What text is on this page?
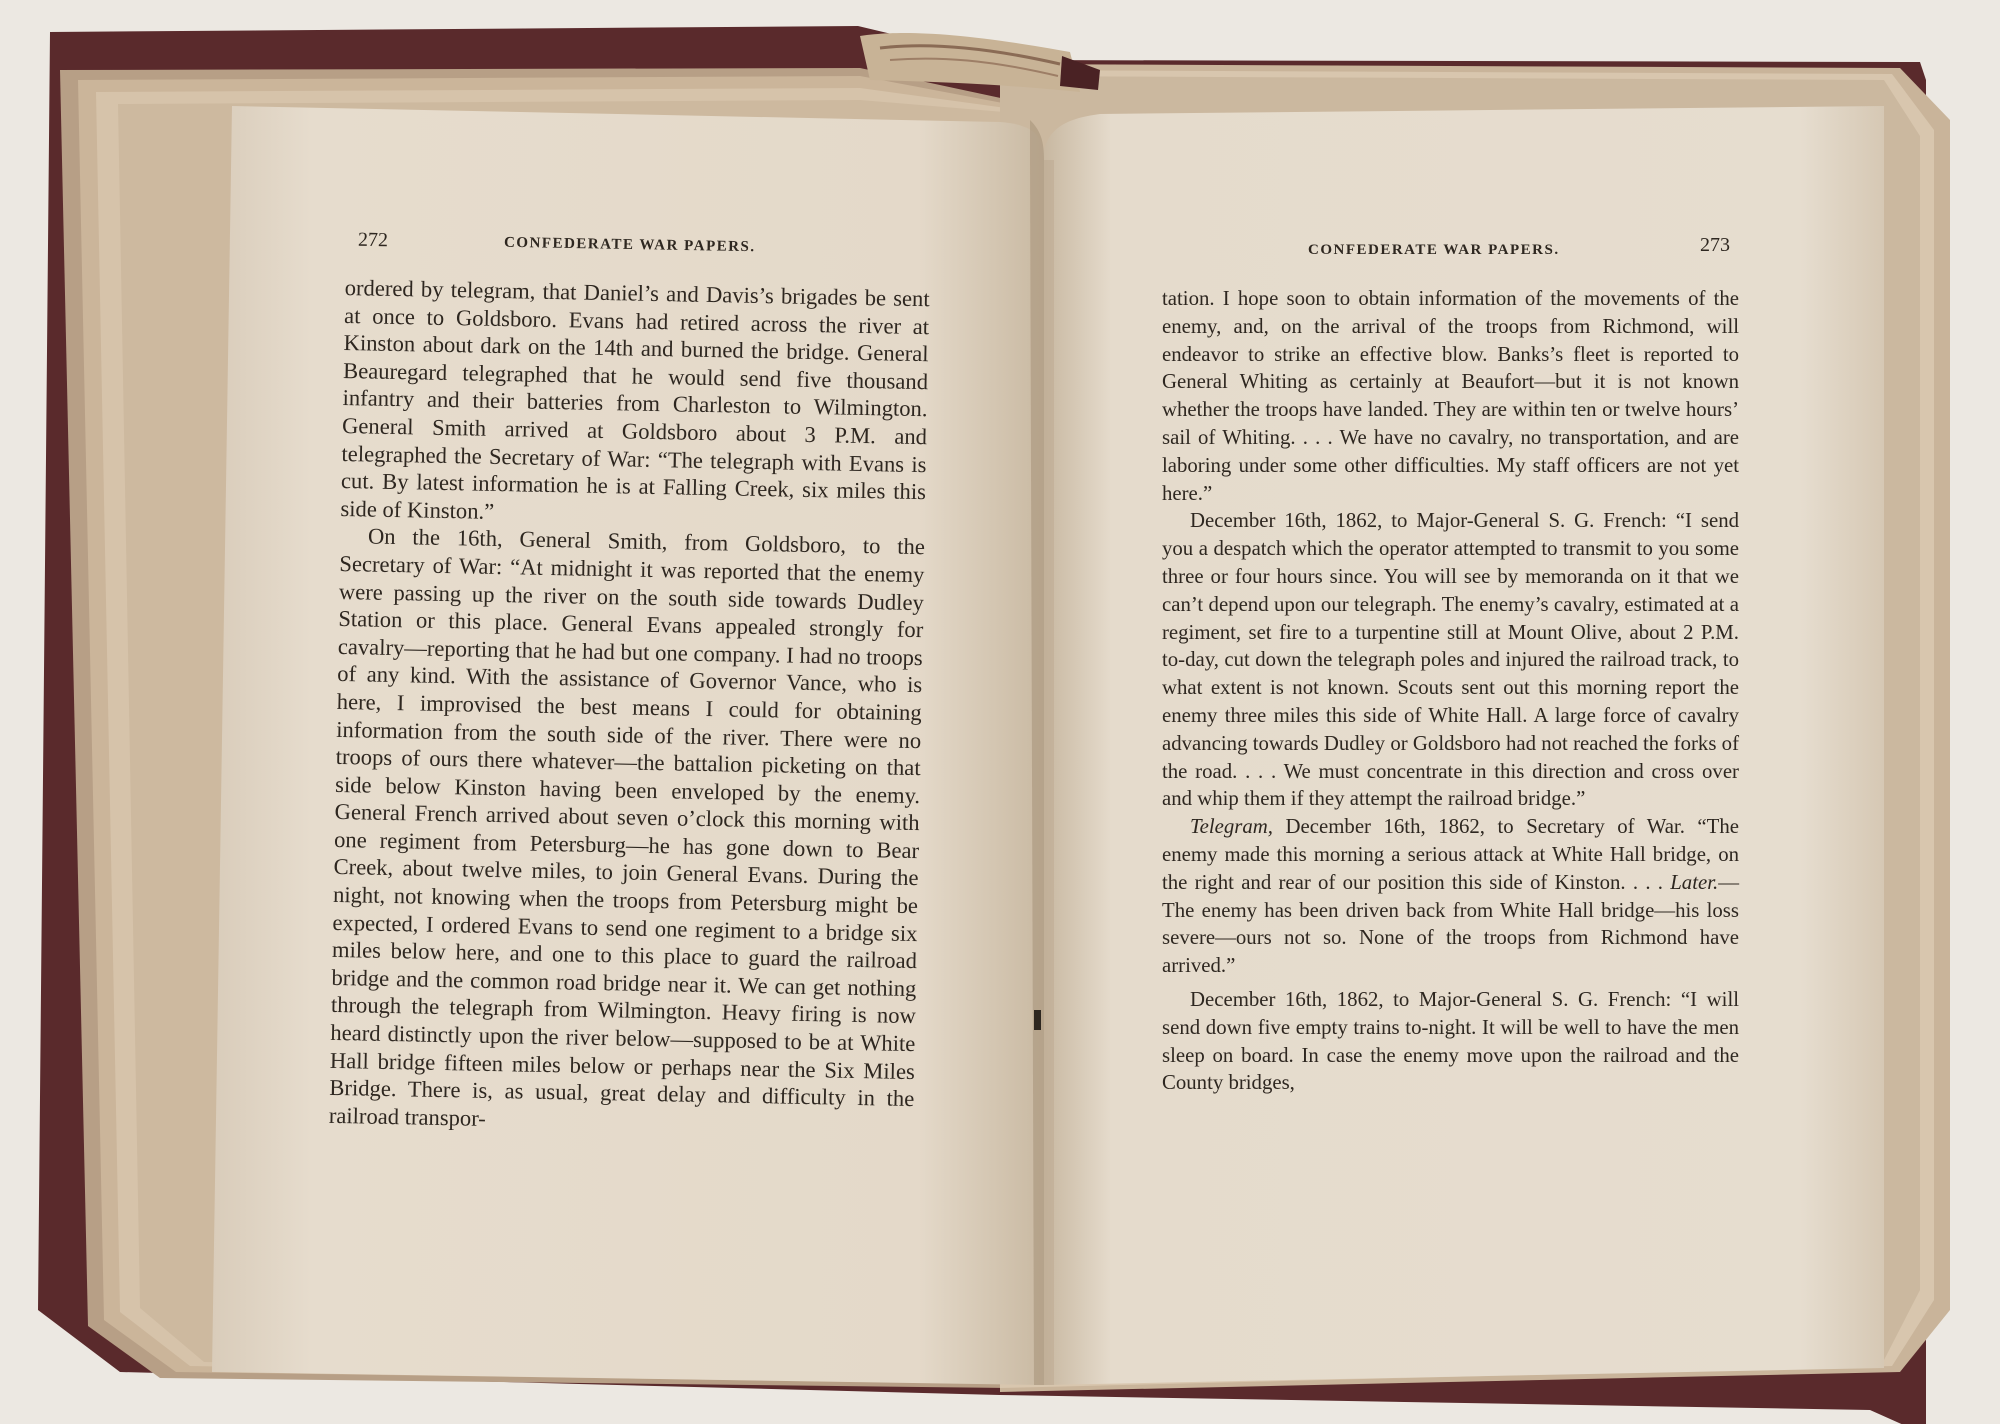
272	CONFEDERATE WAR PAPERS.	CONFEDERATE WAR PAPERS.	273

ordered by telegram, that Daniel’s and Davis’s brigades be sent at once to Goldsboro. Evans had retired across the river at Kinston about dark on the 14th and burned the bridge. General Beauregard telegraphed that he would send five thousand infantry and their batteries from Charleston to Wilmington. General Smith arrived at Goldsboro about 3 P.M. and telegraphed the Secretary of War: “The telegraph with Evans is cut. By latest information he is at Falling Creek, six miles this side of Kinston.”

On the 16th, General Smith, from Goldsboro, to the Secretary of War: “At midnight it was reported that the enemy were passing up the river on the south side towards Dudley Station or this place. General Evans appealed strongly for cavalry—reporting that he had but one company. I had no troops of any kind. With the assistance of Governor Vance, who is here, I improvised the best means I could for obtaining information from the south side of the river. There were no troops of ours there whatever—the battalion picketing on that side below Kinston having been enveloped by the enemy. General French arrived about seven o’clock this morning with one regiment from Petersburg—he has gone down to Bear Creek, about twelve miles, to join General Evans. During the night, not knowing when the troops from Petersburg might be expected, I ordered Evans to send one regiment to a bridge six miles below here, and one to this place to guard the railroad bridge and the common road bridge near it. We can get nothing through the telegraph from Wilmington. Heavy firing is now heard distinctly upon the river below—supposed to be at White Hall bridge fifteen miles below or perhaps near the Six Miles Bridge. There is, as usual, great delay and difficulty in the railroad transpor-

tation. I hope soon to obtain information of the movements of the enemy, and, on the arrival of the troops from Richmond, will endeavor to strike an effective blow. Banks’s fleet is reported to General Whiting as certainly at Beaufort—but it is not known whether the troops have landed. They are within ten or twelve hours’ sail of Whiting. . . . We have no cavalry, no transportation, and are laboring under some other difficulties. My staff officers are not yet here.”

December 16th, 1862, to Major-General S. G. French: “I send you a despatch which the operator attempted to transmit to you some three or four hours since. You will see by memoranda on it that we can’t depend upon our telegraph. The enemy’s cavalry, estimated at a regiment, set fire to a turpentine still at Mount Olive, about 2 P.M. to-day, cut down the telegraph poles and injured the railroad track, to what extent is not known. Scouts sent out this morning report the enemy three miles this side of White Hall. A large force of cavalry advancing towards Dudley or Goldsboro had not reached the forks of the road. . . . We must concentrate in this direction and cross over and whip them if they attempt the railroad bridge.”

Telegram, December 16th, 1862, to Secretary of War. “The enemy made this morning a serious attack at White Hall bridge, on the right and rear of our position this side of Kinston. . . . Later.—The enemy has been driven back from White Hall bridge—his loss severe—ours not so. None of the troops from Richmond have arrived.”

December 16th, 1862, to Major-General S. G. French: “I will send down five empty trains to-night. It will be well to have the men sleep on board. In case the enemy move upon the railroad and the County bridges,
